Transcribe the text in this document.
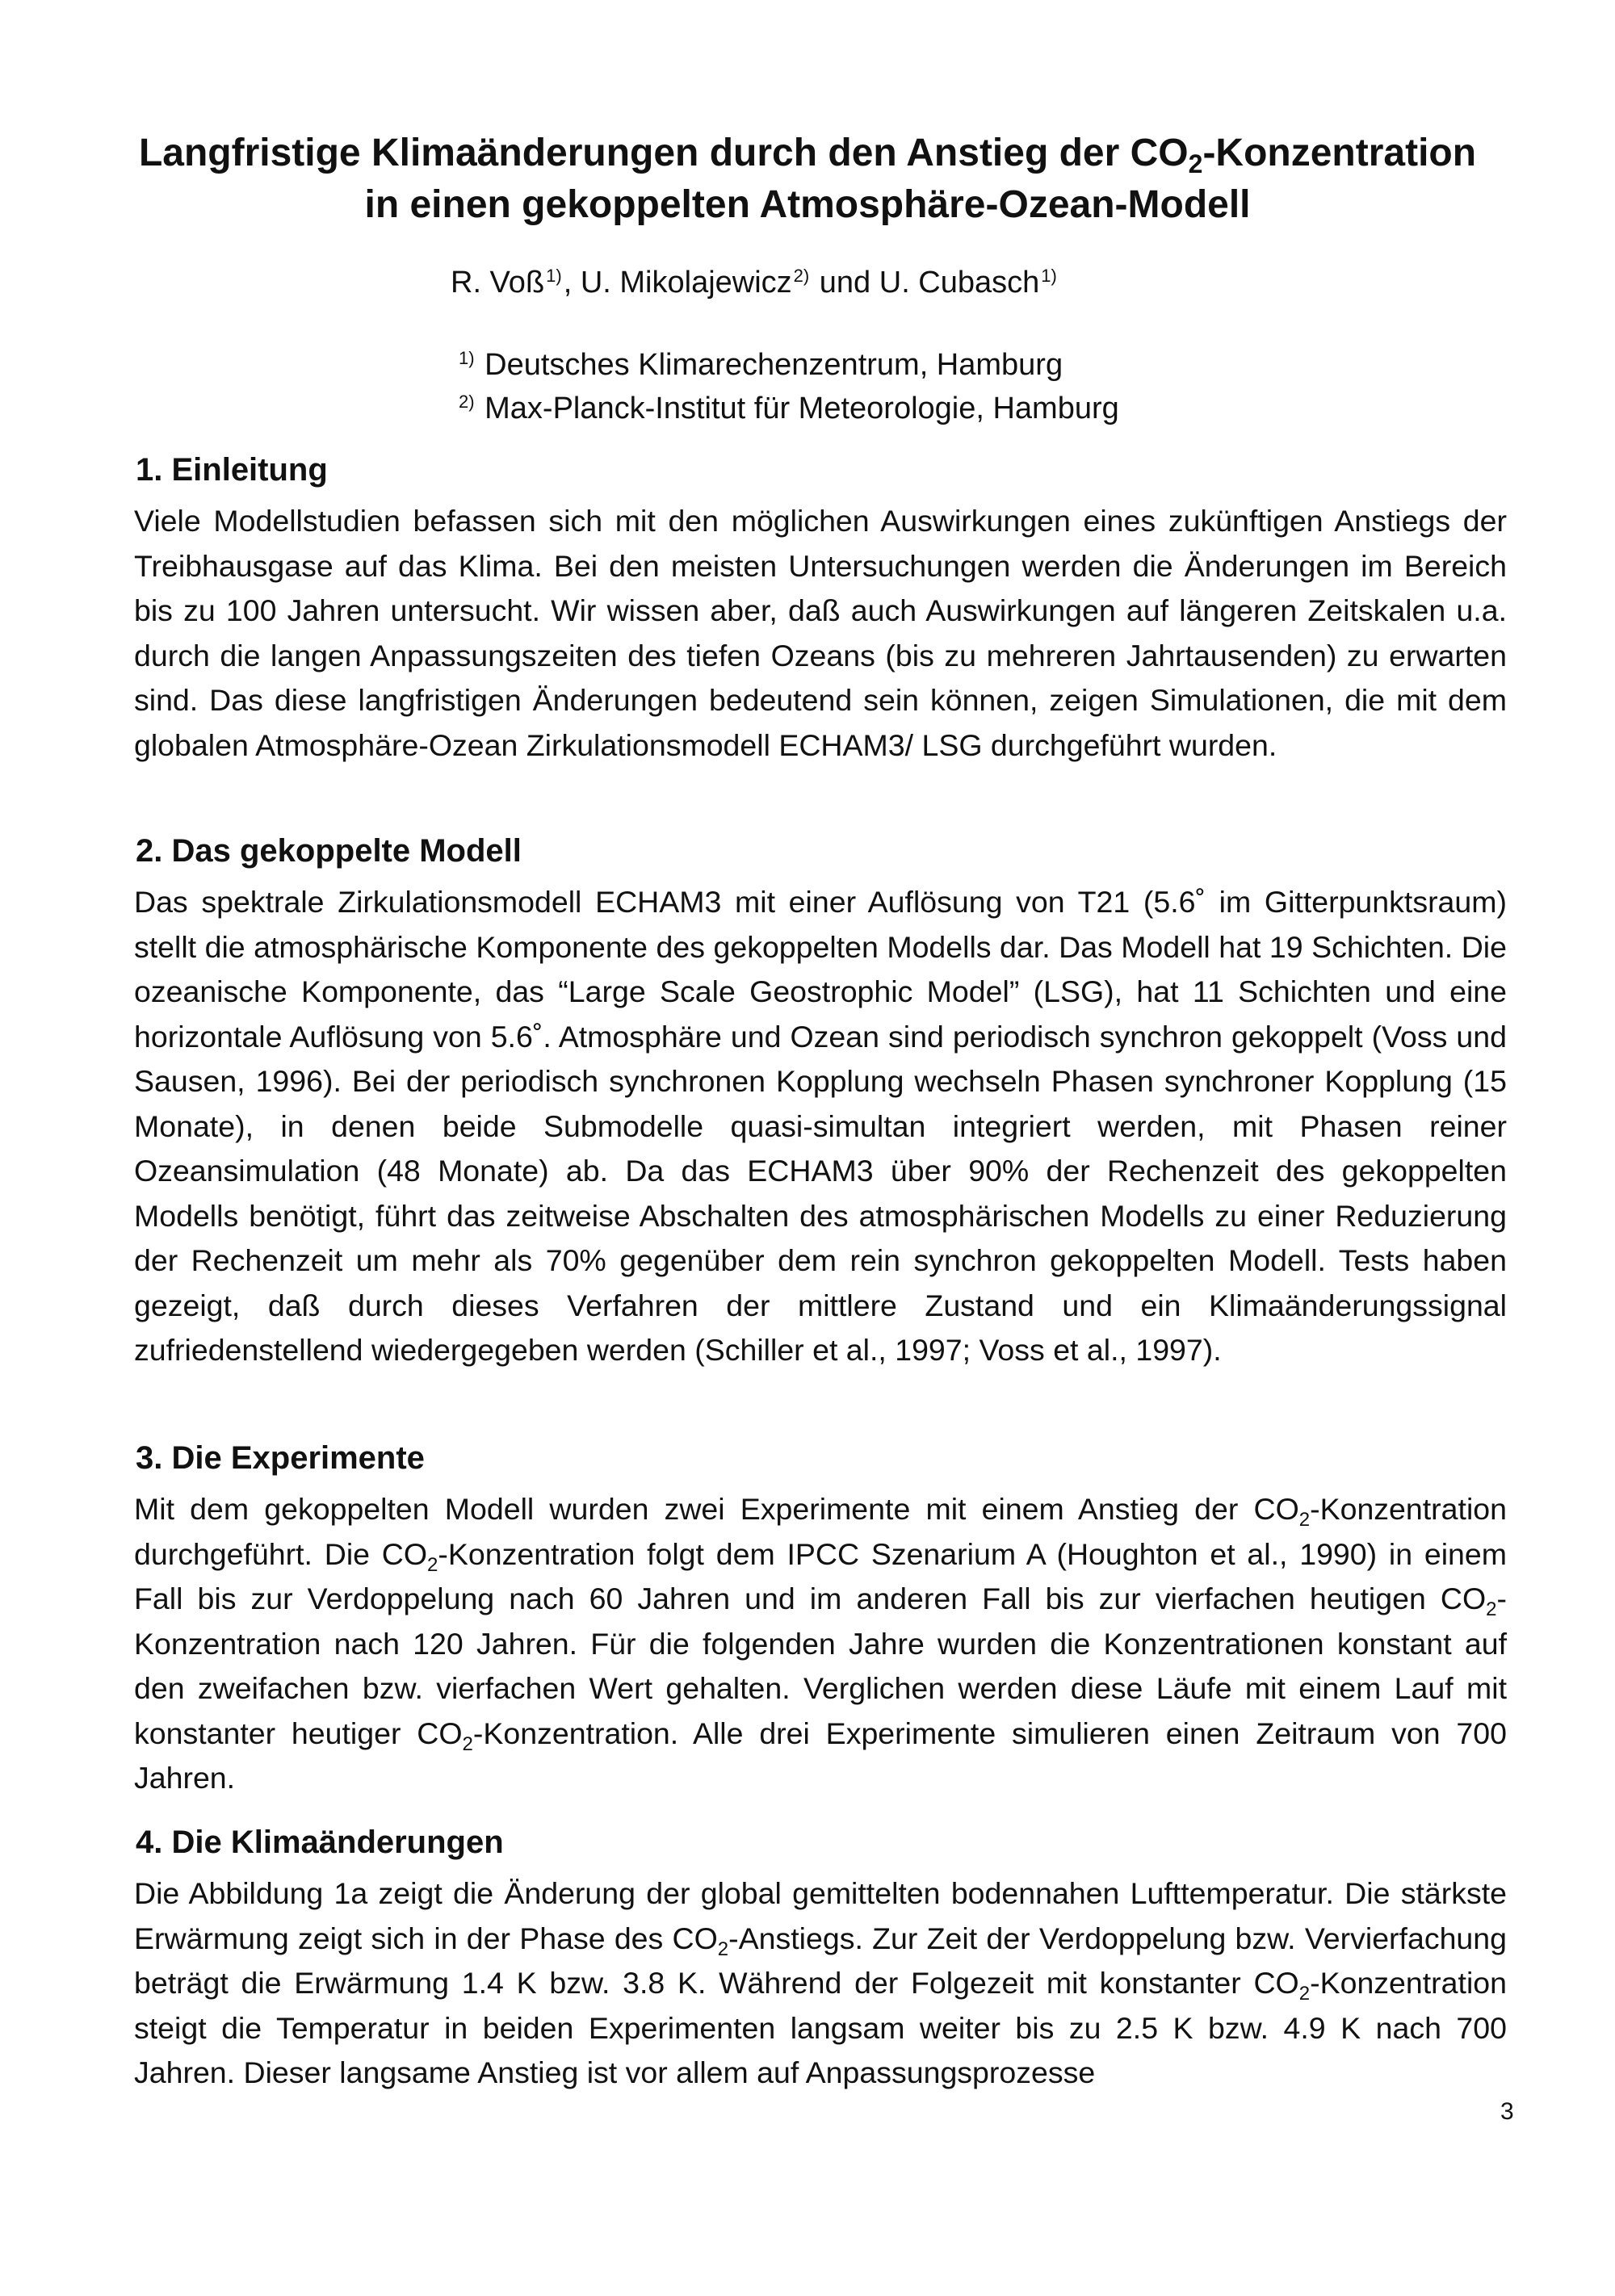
Langfristige Klimaänderungen durch den Anstieg der $CO_2$-Konzentration
in einen gekoppelten Atmosphäre-Ozean-Modell
R. Voß$^{1)}$, U. Mikolajewicz$^{2)}$ und U. Cubasch$^{1)}$
$^{1)}$ Deutsches Klimarechenzentrum, Hamburg
$^{2)}$ Max-Planck-Institut für Meteorologie, Hamburg
1. Einleitung

Viele Modellstudien befassen sich mit den möglichen Auswirkungen eines zukünftigen Anstiegs der Treibhausgase auf das Klima. Bei den meisten Untersuchungen werden die Änderungen im Bereich bis zu 100 Jahren untersucht. Wir wissen aber, daß auch Auswirkungen auf längeren Zeitskalen u.a. durch die langen Anpassungszeiten des tiefen Ozeans (bis zu mehreren Jahrtausenden) zu erwarten sind. Das diese langfristigen Änderungen bedeutend sein können, zeigen Simulationen, die mit dem globalen Atmosphäre-Ozean Zirkulationsmodell ECHAM3/ LSG durchgeführt wurden.

2. Das gekoppelte Modell

Das spektrale Zirkulationsmodell ECHAM3 mit einer Auflösung von T21 (5.6˚ im Gitterpunktsraum) stellt die atmosphärische Komponente des gekoppelten Modells dar. Das Modell hat 19 Schichten. Die ozeanische Komponente, das “Large Scale Geostrophic Model” (LSG), hat 11 Schichten und eine horizontale Auflösung von 5.6˚. Atmosphäre und Ozean sind periodisch synchron gekoppelt (Voss und Sausen, 1996). Bei der periodisch synchronen Kopplung wechseln Phasen synchroner Kopplung (15 Monate), in denen beide Submodelle quasi-simultan integriert werden, mit Phasen reiner Ozeansimulation (48 Monate) ab. Da das ECHAM3 über 90% der Rechenzeit des gekoppelten Modells benötigt, führt das zeitweise Abschalten des atmosphärischen Modells zu einer Reduzierung der Rechenzeit um mehr als 70% gegenüber dem rein synchron gekoppelten Modell. Tests haben gezeigt, daß durch dieses Verfahren der mittlere Zustand und ein Klimaänderungssignal zufriedenstellend wiedergegeben werden (Schiller et al., 1997; Voss et al., 1997).

3. Die Experimente

Mit dem gekoppelten Modell wurden zwei Experimente mit einem Anstieg der $CO_2$-Konzentration durchgeführt. Die $CO_2$-Konzentration folgt dem IPCC Szenarium A (Houghton et al., 1990) in einem Fall bis zur Verdoppelung nach 60 Jahren und im anderen Fall bis zur vierfachen heutigen $CO_2$-Konzentration nach 120 Jahren. Für die folgenden Jahre wurden die Konzentrationen konstant auf den zweifachen bzw. vierfachen Wert gehalten. Verglichen werden diese Läufe mit einem Lauf mit konstanter heutiger $CO_2$-Konzentration. Alle drei Experimente simulieren einen Zeitraum von 700 Jahren.

4. Die Klimaänderungen

Die Abbildung 1a zeigt die Änderung der global gemittelten bodennahen Lufttemperatur. Die stärkste Erwärmung zeigt sich in der Phase des $CO_2$-Anstiegs. Zur Zeit der Verdoppelung bzw. Vervierfachung beträgt die Erwärmung 1.4 K bzw. 3.8 K. Während der Folgezeit mit konstanter $CO_2$-Konzentration steigt die Temperatur in beiden Experimenten langsam weiter bis zu 2.5 K bzw. 4.9 K nach 700 Jahren. Dieser langsame Anstieg ist vor allem auf Anpassungsprozesse

3
